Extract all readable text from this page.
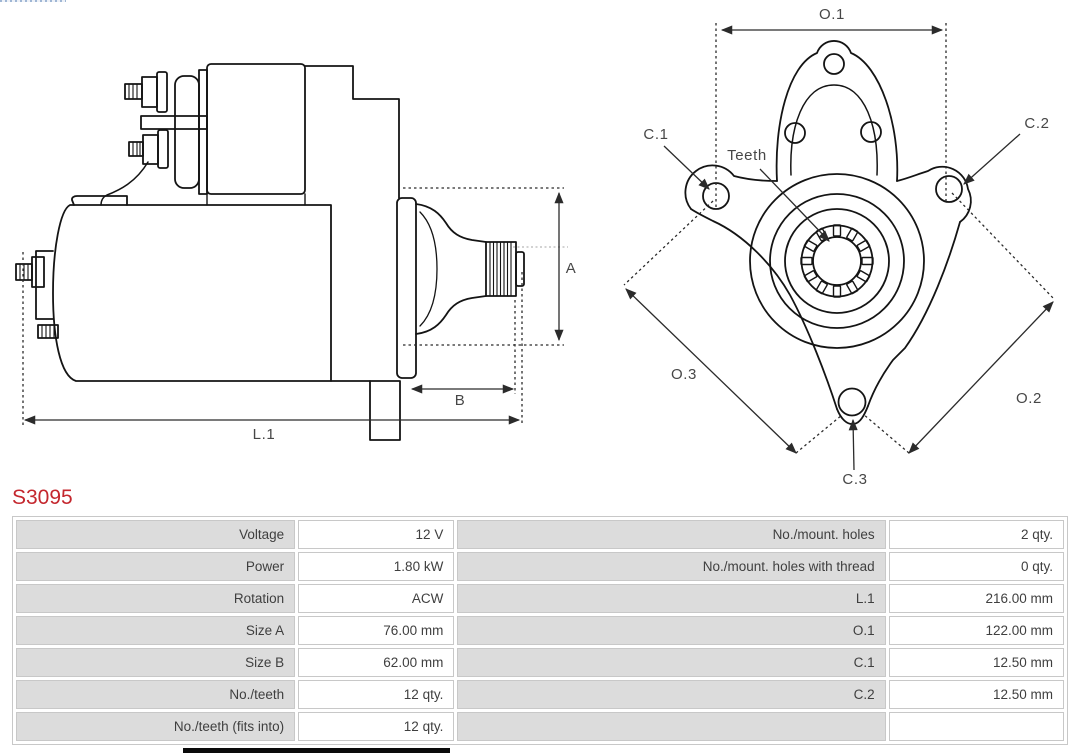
A
B
L.1
O.1
C.1
C.2
Teeth
O.3
O.2
C.3
S3095
Voltage	12 V	No./mount. holes	2 qty.
Power	1.80 kW	No./mount. holes with thread	0 qty.
Rotation	ACW	L.1	216.00 mm
Size A	76.00 mm	O.1	122.00 mm
Size B	62.00 mm	C.1	12.50 mm
No./teeth	12 qty.	C.2	12.50 mm
No./teeth (fits into)	12 qty.		
